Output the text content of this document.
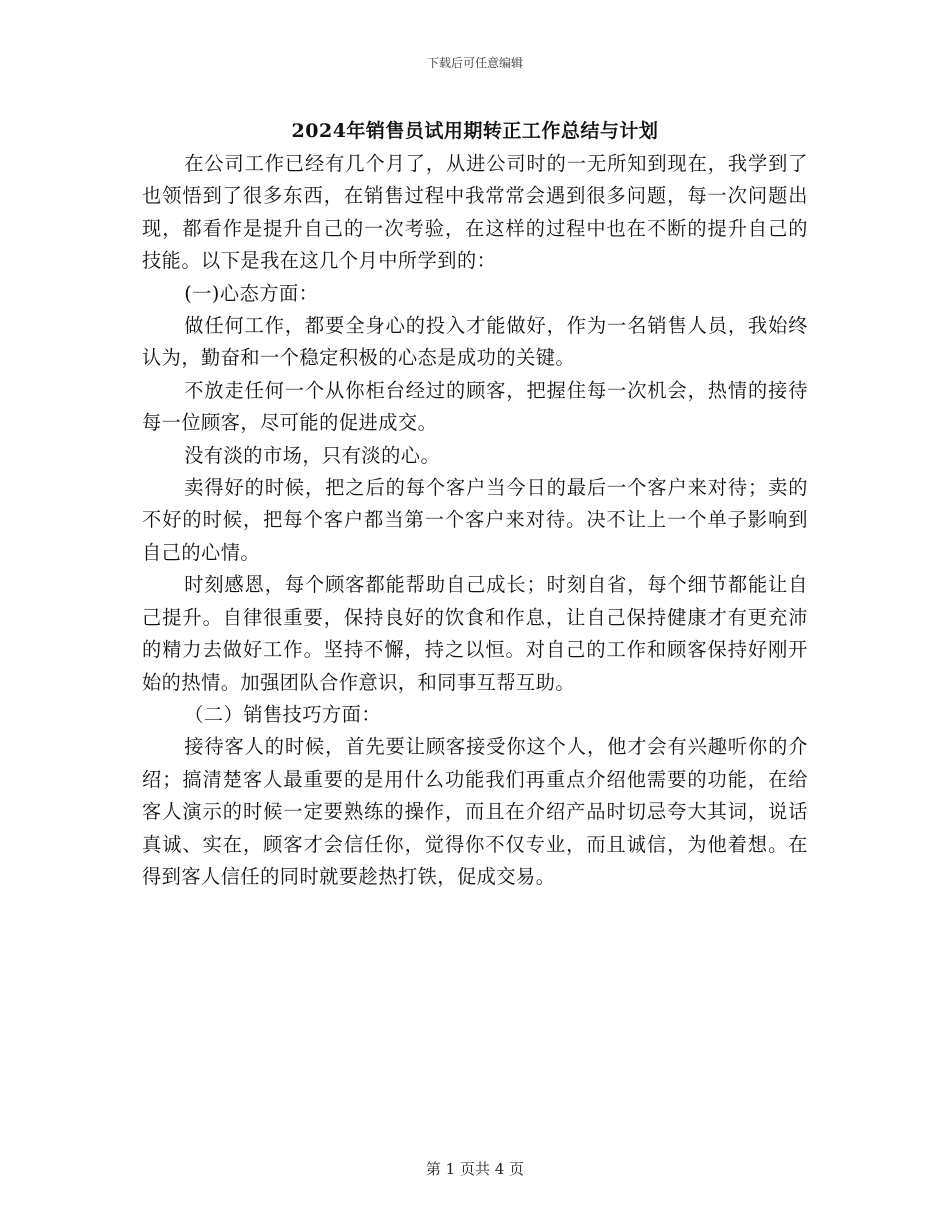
下载后可任意编辑
2024年销售员试用期转正工作总结与计划

在公司工作已经有几个月了，从进公司时的一无所知到现在，我学到了也领悟到了很多东西，在销售过程中我常常会遇到很多问题，每一次问题出现，都看作是提升自己的一次考验，在这样的过程中也在不断的提升自己的技能。以下是我在这几个月中所学到的：

(一)心态方面：

做任何工作，都要全身心的投入才能做好，作为一名销售人员，我始终认为，勤奋和一个稳定积极的心态是成功的关键。

不放走任何一个从你柜台经过的顾客，把握住每一次机会，热情的接待每一位顾客，尽可能的促进成交。

没有淡的市场，只有淡的心。

卖得好的时候，把之后的每个客户当今日的最后一个客户来对待；卖的不好的时候，把每个客户都当第一个客户来对待。决不让上一个单子影响到自己的心情。

时刻感恩，每个顾客都能帮助自己成长；时刻自省，每个细节都能让自己提升。自律很重要，保持良好的饮食和作息，让自己保持健康才有更充沛的精力去做好工作。坚持不懈，持之以恒。对自己的工作和顾客保持好刚开始的热情。加强团队合作意识，和同事互帮互助。

（二）销售技巧方面：

接待客人的时候，首先要让顾客接受你这个人，他才会有兴趣听你的介绍；搞清楚客人最重要的是用什么功能我们再重点介绍他需要的功能，在给客人演示的时候一定要熟练的操作，而且在介绍产品时切忌夸大其词，说话真诚、实在，顾客才会信任你，觉得你不仅专业，而且诚信，为他着想。在得到客人信任的同时就要趁热打铁，促成交易。

第 1 页共 4 页
